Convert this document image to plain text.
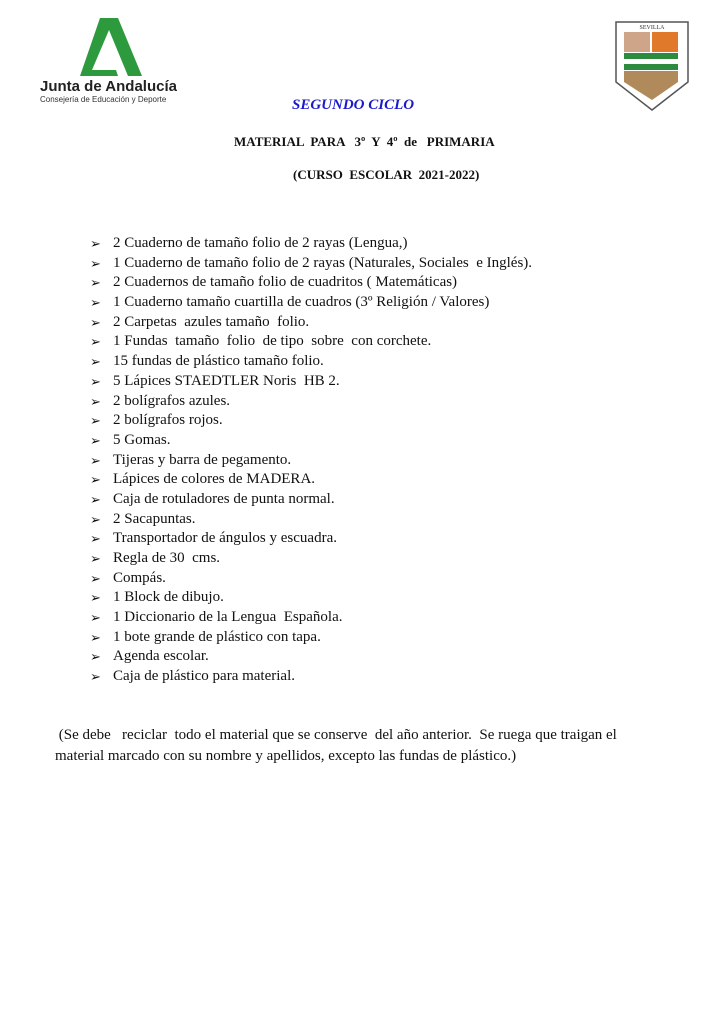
Junta de Andalucía
Consejería de Educación y Deporte
SEVILLA
SEGUNDO CICLO
MATERIAL  PARA   3º  Y  4º  de   PRIMARIA
(CURSO  ESCOLAR  2021-2022)
➢ 2 Cuaderno de tamaño folio de 2 rayas (Lengua,)
➢ 1 Cuaderno de tamaño folio de 2 rayas (Naturales, Sociales  e Inglés).
➢ 2 Cuadernos de tamaño folio de cuadritos ( Matemáticas)
➢ 1 Cuaderno tamaño cuartilla de cuadros (3º Religión / Valores)
➢ 2 Carpetas  azules tamaño  folio.
➢ 1 Fundas  tamaño  folio  de tipo  sobre  con corchete.
➢ 15 fundas de plástico tamaño folio.
➢ 5 Lápices STAEDTLER Noris  HB 2.
➢ 2 bolígrafos azules.
➢ 2 bolígrafos rojos.
➢ 5 Gomas.
➢ Tijeras y barra de pegamento.
➢ Lápices de colores de MADERA.
➢ Caja de rotuladores de punta normal.
➢ 2 Sacapuntas.
➢ Transportador de ángulos y escuadra.
➢ Regla de 30  cms.
➢ Compás.
➢ 1 Block de dibujo.
➢ 1 Diccionario de la Lengua  Española.
➢ 1 bote grande de plástico con tapa.
➢ Agenda escolar.
➢ Caja de plástico para material.
(Se debe   reciclar  todo el material que se conserve  del año anterior.  Se ruega que traigan el material marcado con su nombre y apellidos, excepto las fundas de plástico.)
